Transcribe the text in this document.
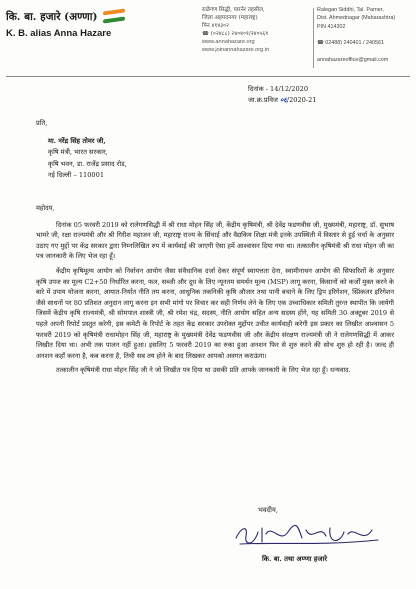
कि. बा. हजारे (अण्णा)
K. B. alias Anna Hazare
राळेगण सिद्धी, पारनेर तहसील,
जिला अहमदनगर (महाराष्ट्र)
पिन ४१४३०२
☎ (०२४८८) २४०४०१/२४०५६१
www.annahazare.org
www.joinannahazare.org.in
Ralegan Siddhi, Tal. Parner,
Dist. Ahmednagar (Maharashtra)
PIN 414302
☎ 02488) 240401 / 240561
annahazareoffice@gmail.com
दिनांक - 14/12/2020
जा.क्र.प्रविज ०६/2020-21
प्रति,
मा. नरेंद्र सिंह तोमर जी,
कृषि मंत्री, भारत सरकार,
कृषि भवन, डा. राजेंद्र प्रसाद रोड,
नई दिल्ली – 110001

महोदय,

दिनांक 05 फरवरी 2019 को रालेगणसिद्धी में श्री राधा मोहन सिंह जी, केंद्रीय कृषिमंत्री, श्री देवेंद्र फडणवीस जी, मुख्यमंत्री, महाराष्ट्र, डॉ. सुभाष भामरे जी, रक्षा राज्यमंत्री और श्री गिरीश महाजन जी, महाराष्ट्र राज्य के सिंचाई और वैद्यकिय शिक्षा मंत्री इनके उपस्थिती में विस्तार से हुई चर्चा के अनुसार उठाए गए मुद्दों पर केंद्र सरकार द्वारा निम्नलिखित रुप में कार्यवाई की जाएगी ऐसा हमें आश्वासन दिया गया था। तत्कालीन कृषिमंत्री श्री राधा मोहन जी का पत्र जानकारी के लिए भेज रहा हूँ।

केंद्रीय कृषिमूल्य आयोग को निर्वाचन आयोग जैसा संवैधानिक दर्जा देकर संपूर्ण स्वायत्तता देना, स्वामीनाथन आयोग की सिफारिशों के अनुसार कृषि उपज का मूल्य C2+50 निर्धारित करना, फल, सब्जी और दूध के लिए न्यूनतम समर्थन मूल्य (MSP) लागू करना, किसानों को कर्जों मुक्त करने के बारे में उपाय योजना करना, आयात-निर्यात नीति तय करना, आधुनिक तकनिकी कृषि औजार तथा पानी बचाने के लिए ड्रिप इरिगेशन, स्प्रिंकलर इरिगेशन जैसे साधनों पर 80 प्रतिशत अनुदान लागू करना इन सभी मांगो पर विचार कर सही निर्णय लेने के लिए एक उच्चाधिकार समिती तुरन्त स्थापीत कि जायेगी जिसमें केंद्रीय कृषि राज्यमंत्री, श्री सोमपाल शास्त्री जी, श्री रमेश चंद्र, सदस्य, नीति आयोग सहित अन्य सदस्य होंगे, यह समिती 30 अक्टूबर 2019 से पहले अपनी रिपोर्ट प्रस्तुत करेगी, इस कमेटी के रिपोर्ट के तहत केंद्र सरकार उपरोक्त मुद्दोंपर उचीत कार्यवाही करेगी इस प्रकार का लिखीत आश्वासन 5 फरवरी 2019 को कृषिमंत्री राधामोहन सिंह जी, महाराष्ट्र के मुख्यमंत्री देवेंद्र फडणवीस जी और केंद्रीय संरक्षण राज्यमंत्री जी ने रालेगणसिद्धी में आकर लिखीत दिया था। अभी तक पालन नहीं हुआ। इसलिए 5 फरवरी 2019 का रुका हुआ अनशन फिर से शुरु करने की सोच शुरु हो रही है। जल्द ही अनशन कहाँ करना है, कब करना है, तिथी सब तय होने के बाद लिखकर आपको अवगत कराऊंगा।

तत्कालीन कृषिमंत्री राधा मोहन सिंह जी ने जो लिखीत पत्र दिया था उसकी प्रति आपके जानकारी के लिए भेज रहा हूँ। धन्यवाद.

भवदीय,
कि. बा. तथा अण्णा हजारे
